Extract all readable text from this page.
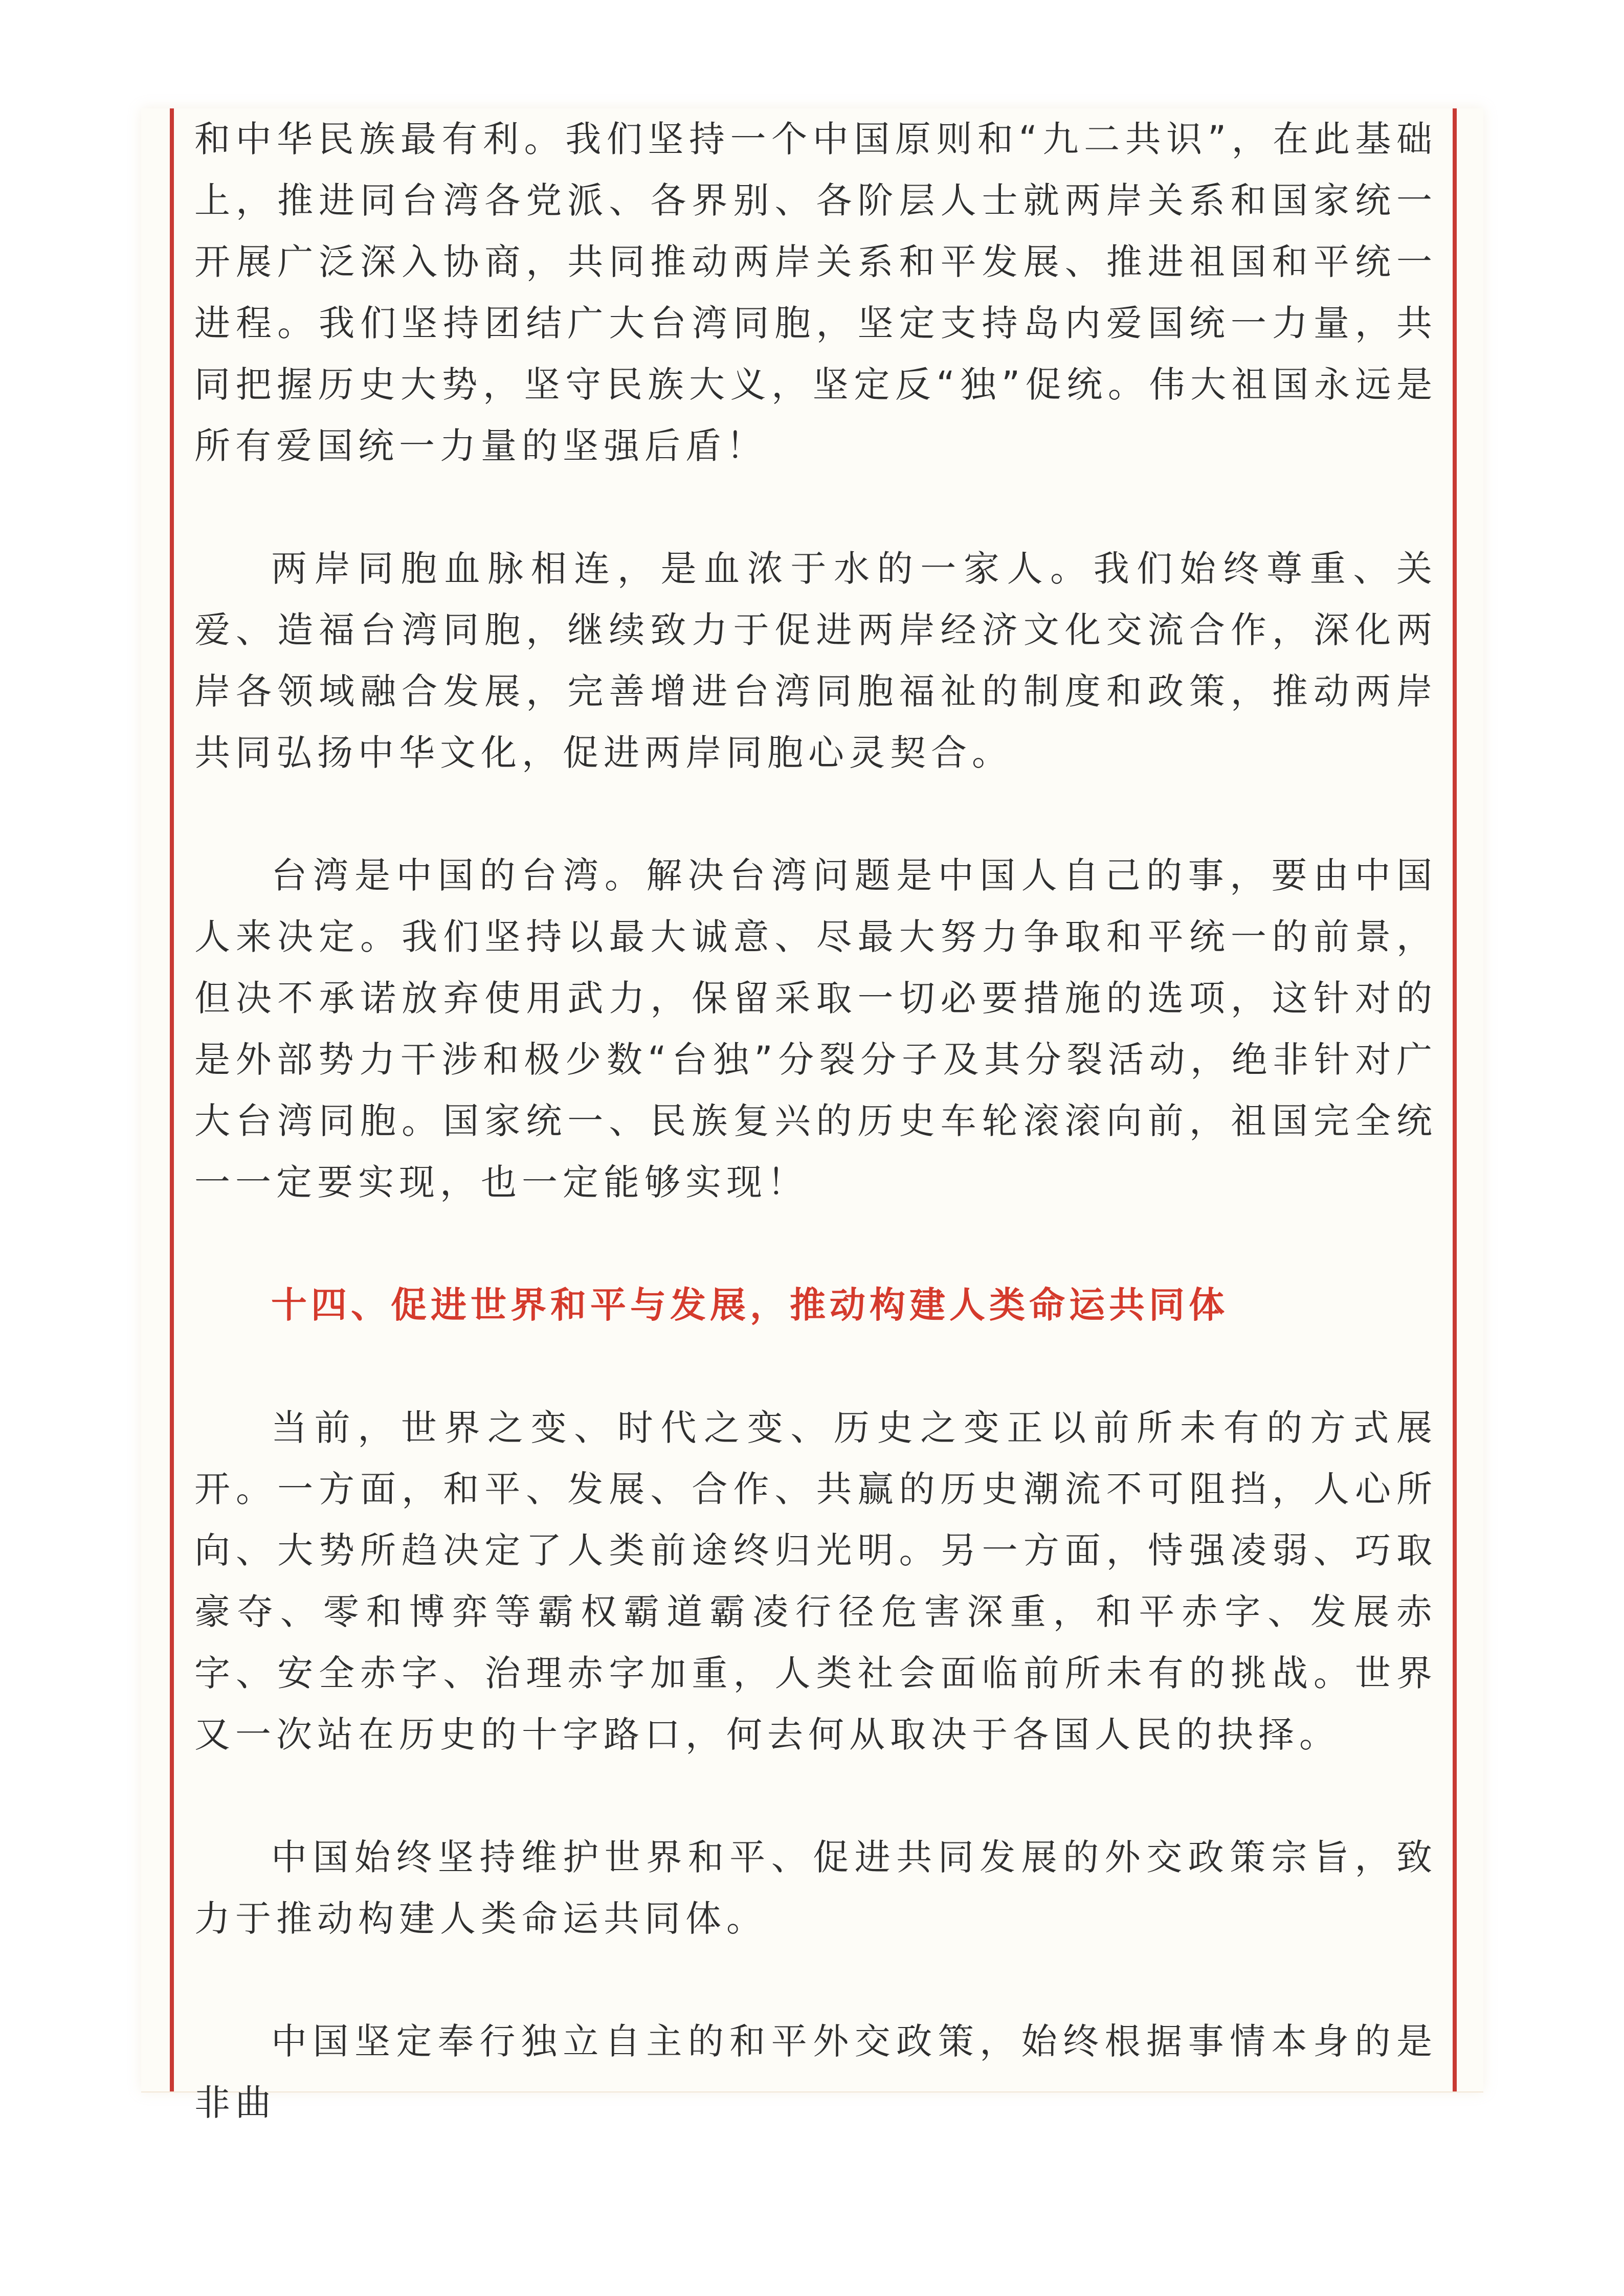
和中华民族最有利。我们坚持一个中国原则和“九二共识”，在此基础上，推进同台湾各党派、各界别、各阶层人士就两岸关系和国家统一开展广泛深入协商，共同推动两岸关系和平发展、推进祖国和平统一进程。我们坚持团结广大台湾同胞，坚定支持岛内爱国统一力量，共同把握历史大势，坚守民族大义，坚定反“独”促统。伟大祖国永远是所有爱国统一力量的坚强后盾！

两岸同胞血脉相连，是血浓于水的一家人。我们始终尊重、关爱、造福台湾同胞，继续致力于促进两岸经济文化交流合作，深化两岸各领域融合发展，完善增进台湾同胞福祉的制度和政策，推动两岸共同弘扬中华文化，促进两岸同胞心灵契合。

台湾是中国的台湾。解决台湾问题是中国人自己的事，要由中国人来决定。我们坚持以最大诚意、尽最大努力争取和平统一的前景，但决不承诺放弃使用武力，保留采取一切必要措施的选项，这针对的是外部势力干涉和极少数“台独”分裂分子及其分裂活动，绝非针对广大台湾同胞。国家统一、民族复兴的历史车轮滚滚向前，祖国完全统一一定要实现，也一定能够实现！

十四、促进世界和平与发展，推动构建人类命运共同体

当前，世界之变、时代之变、历史之变正以前所未有的方式展开。一方面，和平、发展、合作、共赢的历史潮流不可阻挡，人心所向、大势所趋决定了人类前途终归光明。另一方面，恃强凌弱、巧取豪夺、零和博弈等霸权霸道霸凌行径危害深重，和平赤字、发展赤字、安全赤字、治理赤字加重，人类社会面临前所未有的挑战。世界又一次站在历史的十字路口，何去何从取决于各国人民的抉择。

中国始终坚持维护世界和平、促进共同发展的外交政策宗旨，致力于推动构建人类命运共同体。

中国坚定奉行独立自主的和平外交政策，始终根据事情本身的是非曲
